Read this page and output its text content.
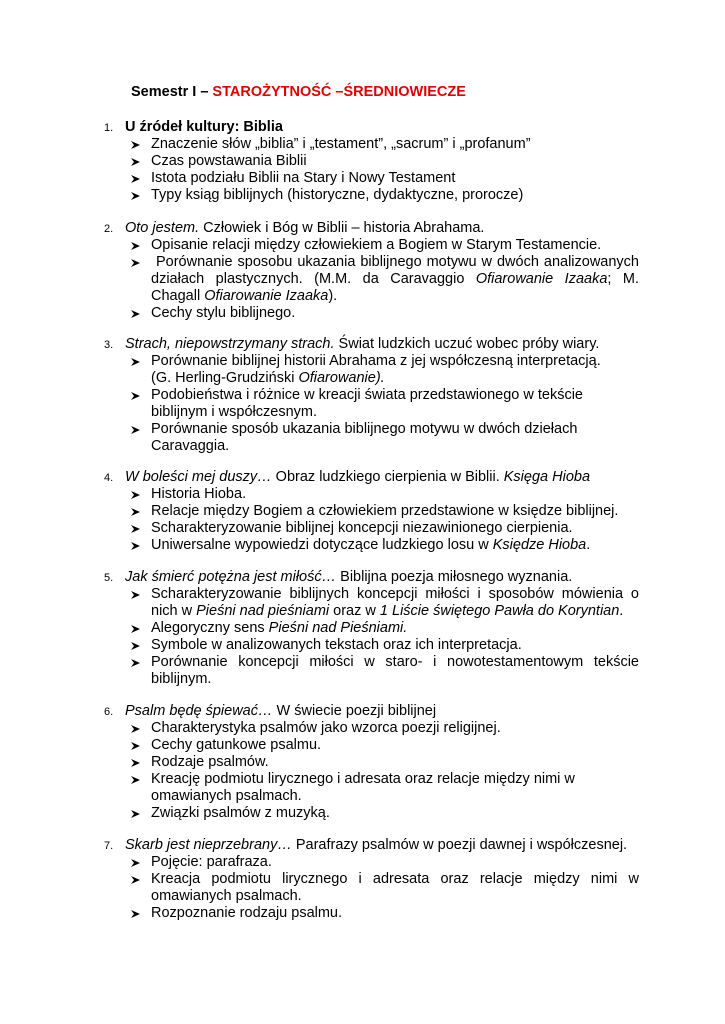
Semestr I – STAROŻYTNOŚĆ –ŚREDNIOWIECZE
1. U źródeł kultury: Biblia
Znaczenie słów „biblia” i „testament”, „sacrum” i „profanum”
Czas powstawania Biblii
Istota podziału Biblii na Stary i Nowy Testament
Typy ksiąg biblijnych (historyczne, dydaktyczne, prorocze)
2. Oto jestem. Człowiek i Bóg w Biblii – historia Abrahama.
Opisanie relacji między człowiekiem a Bogiem w Starym Testamencie.
Porównanie sposobu ukazania biblijnego motywu w dwóch analizowanych
działach plastycznych. (M.M. da Caravaggio Ofiarowanie Izaaka; M.
Chagall Ofiarowanie Izaaka).
Cechy stylu biblijnego.
3. Strach, niepowstrzymany strach. Świat ludzkich uczuć wobec próby wiary.
Porównanie biblijnej historii Abrahama z jej współczesną interpretacją.
(G. Herling-Grudziński Ofiarowanie).
Podobieństwa i różnice w kreacji świata przedstawionego w tekście
biblijnym i współczesnym.
Porównanie sposób ukazania biblijnego motywu w dwóch dziełach
Caravaggia.
4. W boleści mej duszy… Obraz ludzkiego cierpienia w Biblii. Księga Hioba
Historia Hioba.
Relacje między Bogiem a człowiekiem przedstawione w księdze biblijnej.
Scharakteryzowanie biblijnej koncepcji niezawinionego cierpienia.
Uniwersalne wypowiedzi dotyczące ludzkiego losu w Księdze Hioba.
5. Jak śmierć potężna jest miłość… Biblijna poezja miłosnego wyznania.
Scharakteryzowanie biblijnych koncepcji miłości i sposobów mówienia o
nich w Pieśni nad pieśniami oraz w 1 Liście świętego Pawła do Koryntian.
Alegoryczny sens Pieśni nad Pieśniami.
Symbole w analizowanych tekstach oraz ich interpretacja.
Porównanie koncepcji miłości w staro- i nowotestamentowym tekście
biblijnym.
6. Psalm będę śpiewać… W świecie poezji biblijnej
Charakterystyka psalmów jako wzorca poezji religijnej.
Cechy gatunkowe psalmu.
Rodzaje psalmów.
Kreację podmiotu lirycznego i adresata oraz relacje między nimi w
omawianych psalmach.
Związki psalmów z muzyką.
7. Skarb jest nieprzebrany… Parafrazy psalmów w poezji dawnej i współczesnej.
Pojęcie: parafraza.
Kreacja podmiotu lirycznego i adresata oraz relacje między nimi w
omawianych psalmach.
Rozpoznanie rodzaju psalmu.
